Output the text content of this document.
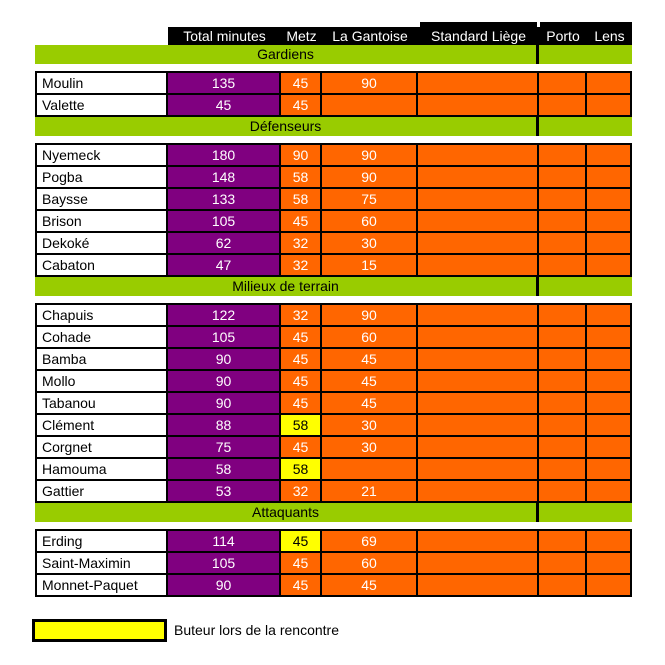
Total minutes	Metz	La Gantoise	Standard Liège	Porto	Lens
Gardiens
Moulin	135	45	90
Valette	45	45
Défenseurs
Nyemeck	180	90	90
Pogba	148	58	90
Baysse	133	58	75
Brison	105	45	60
Dekoké	62	32	30
Cabaton	47	32	15
Milieux de terrain
Chapuis	122	32	90
Cohade	105	45	60
Bamba	90	45	45
Mollo	90	45	45
Tabanou	90	45	45
Clément	88	58	30
Corgnet	75	45	30
Hamouma	58	58
Gattier	53	32	21
Attaquants
Erding	114	45	69
Saint-Maximin	105	45	60
Monnet-Paquet	90	45	45
Buteur lors de la rencontre
